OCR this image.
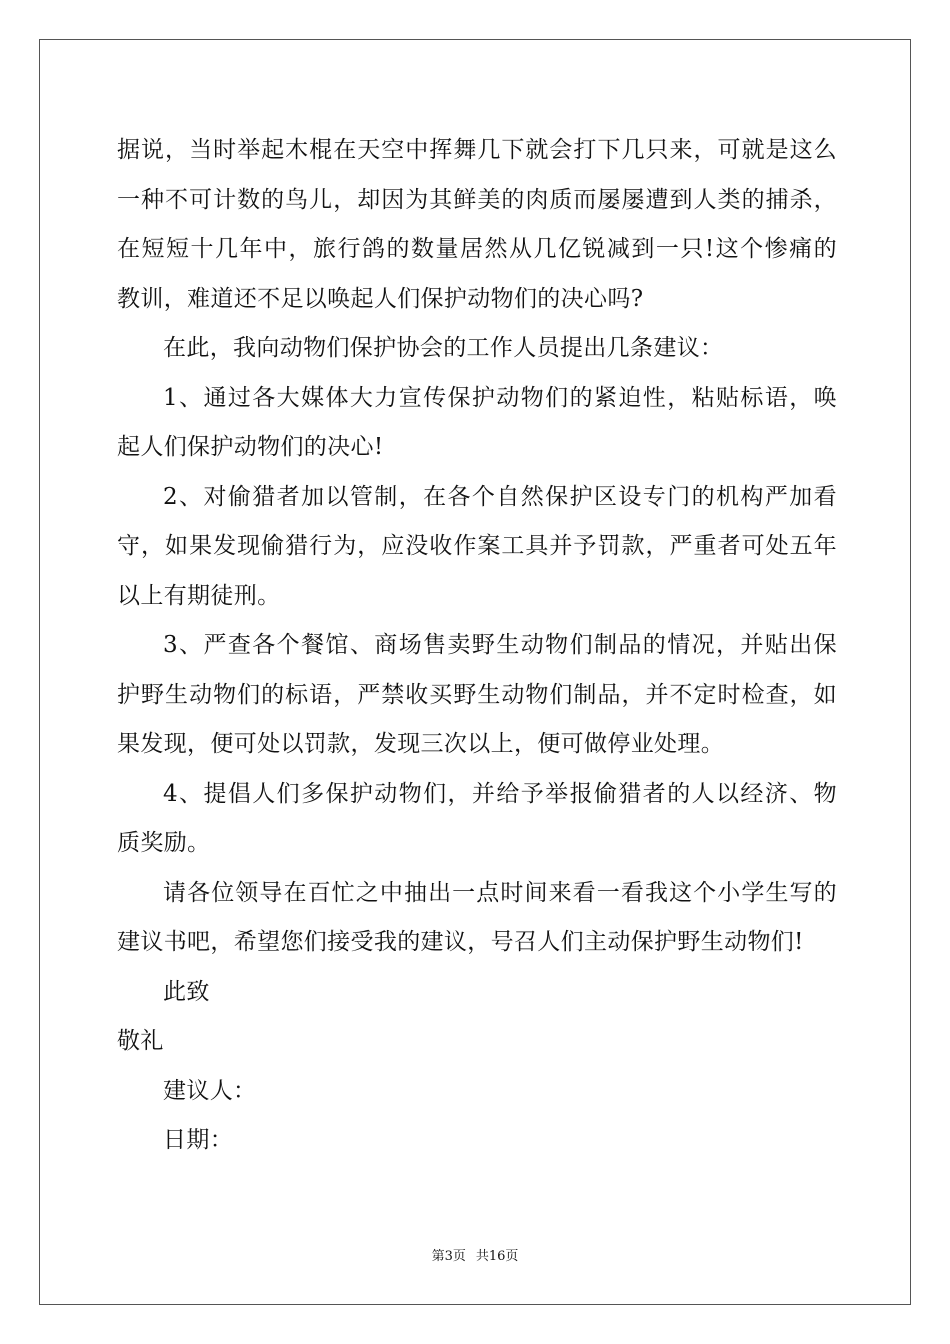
据说，当时举起木棍在天空中挥舞几下就会打下几只来，可就是这么
一种不可计数的鸟儿，却因为其鲜美的肉质而屡屡遭到人类的捕杀，
在短短十几年中，旅行鸽的数量居然从几亿锐减到一只!这个惨痛的
教训，难道还不足以唤起人们保护动物们的决心吗?
在此，我向动物们保护协会的工作人员提出几条建议：
1、通过各大媒体大力宣传保护动物们的紧迫性，粘贴标语，唤
起人们保护动物们的决心!
2、对偷猎者加以管制，在各个自然保护区设专门的机构严加看
守，如果发现偷猎行为，应没收作案工具并予罚款，严重者可处五年
以上有期徒刑。
3、严查各个餐馆、商场售卖野生动物们制品的情况，并贴出保
护野生动物们的标语，严禁收买野生动物们制品，并不定时检查，如
果发现，便可处以罚款，发现三次以上，便可做停业处理。
4、提倡人们多保护动物们，并给予举报偷猎者的人以经济、物
质奖励。
请各位领导在百忙之中抽出一点时间来看一看我这个小学生写的
建议书吧，希望您们接受我的建议，号召人们主动保护野生动物们!
此致
敬礼
建议人：
日期：
第3页 共16页
